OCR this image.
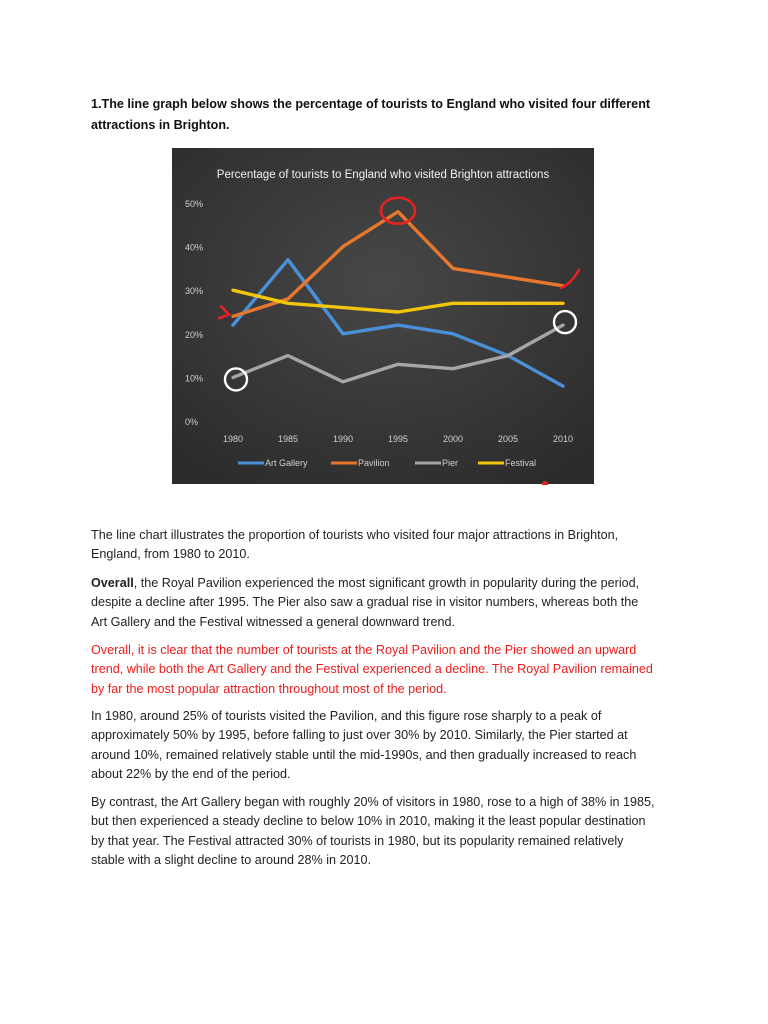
1.The line graph below shows the percentage of tourists to England who visited four different attractions in Brighton.
Percentage of tourists to England who visited Brighton attractions
0%
10%
20%
30%
40%
50%
1980	1985	1990	1995	2000	2005	2010
Art Gallery	Pavilion	Pier	Festival

The line chart illustrates the proportion of tourists who visited four major attractions in Brighton, England, from 1980 to 2010.

Overall, the Royal Pavilion experienced the most significant growth in popularity during the period, despite a decline after 1995. The Pier also saw a gradual rise in visitor numbers, whereas both the Art Gallery and the Festival witnessed a general downward trend.

Overall, it is clear that the number of tourists at the Royal Pavilion and the Pier showed an upward trend, while both the Art Gallery and the Festival experienced a decline. The Royal Pavilion remained by far the most popular attraction throughout most of the period.

In 1980, around 25% of tourists visited the Pavilion, and this figure rose sharply to a peak of approximately 50% by 1995, before falling to just over 30% by 2010. Similarly, the Pier started at around 10%, remained relatively stable until the mid-1990s, and then gradually increased to reach about 22% by the end of the period.

By contrast, the Art Gallery began with roughly 20% of visitors in 1980, rose to a high of 38% in 1985, but then experienced a steady decline to below 10% in 2010, making it the least popular destination by that year. The Festival attracted 30% of tourists in 1980, but its popularity remained relatively stable with a slight decline to around 28% in 2010.
